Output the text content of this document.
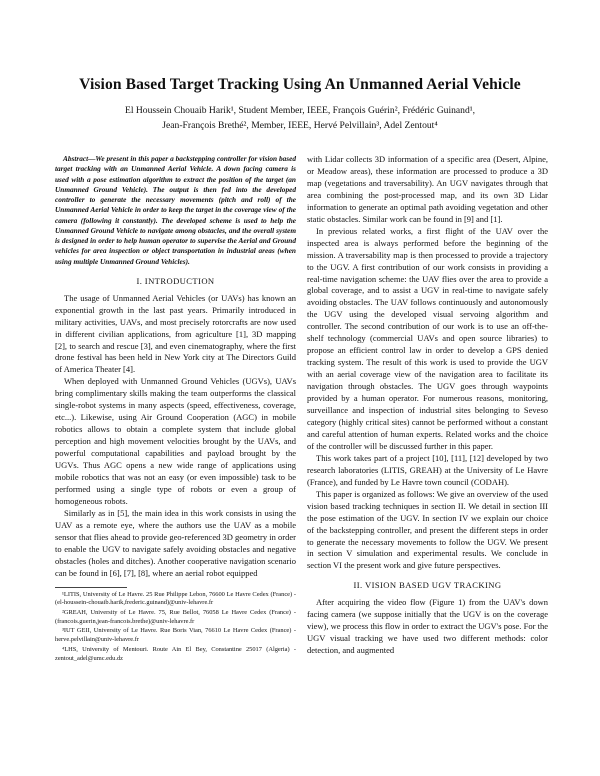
Vision Based Target Tracking Using An Unmanned Aerial Vehicle
El Houssein Chouaib Harik¹, Student Member, IEEE, François Guérin², Frédéric Guinand¹,
Jean-François Brethé², Member, IEEE, Hervé Pelvillain³, Adel Zentout⁴

Abstract—We present in this paper a backstepping controller for vision based target tracking with an Unmanned Aerial Vehicle. A down facing camera is used with a pose estimation algorithm to extract the position of the target (an Unmanned Ground Vehicle). The output is then fed into the developed controller to generate the necessary movements (pitch and roll) of the Unmanned Aerial Vehicle in order to keep the target in the coverage view of the camera (following it constantly). The developed scheme is used to help the Unmanned Ground Vehicle to navigate among obstacles, and the overall system is designed in order to help human operator to supervise the Aerial and Ground vehicles for area inspection or object transportation in industrial areas (when using multiple Unmanned Ground Vehicles).

I. INTRODUCTION

The usage of Unmanned Aerial Vehicles (or UAVs) has known an exponential growth in the last past years. Primarily introduced in military activities, UAVs, and most precisely rotorcrafts are now used in different civilian applications, from agriculture [1], 3D mapping [2], to search and rescue [3], and even cinematography, where the first drone festival has been held in New York city at The Directors Guild of America Theater [4].

When deployed with Unmanned Ground Vehicles (UGVs), UAVs bring complimentary skills making the team outperforms the classical single-robot systems in many aspects (speed, effectiveness, coverage, etc...). Likewise, using Air Ground Cooperation (AGC) in mobile robotics allows to obtain a complete system that include global perception and high movement velocities brought by the UAVs, and powerful computational capabilities and payload brought by the UGVs. Thus AGC opens a new wide range of applications using mobile robotics that was not an easy (or even impossible) task to be performed using a single type of robots or even a group of homogeneous robots.

Similarly as in [5], the main idea in this work consists in using the UAV as a remote eye, where the authors use the UAV as a mobile sensor that flies ahead to provide geo-referenced 3D geometry in order to enable the UGV to navigate safely avoiding obstacles and negative obstacles (holes and ditches). Another cooperative navigation scenario can be found in [6], [7], [8], where an aerial robot equipped

¹LITIS, University of Le Havre. 25 Rue Philippe Lebon, 76600 Le Havre Cedex (France) - (el-houssein-chouaib.harik,frederic.guinand)@univ-lehavre.fr

²GREAH, University of Le Havre. 75, Rue Bellot, 76058 Le Havre Cedex (France) - (francois.guerin,jean-francois.brethe)@univ-lehavre.fr

³IUT GEII, University of Le Havre. Rue Boris Vian, 76610 Le Havre Cedex (France) - herve.pelvillain@univ-lehavre.fr

⁴LHS, University of Mentouri. Route Ain El Bey, Constantine 25017 (Algeria) - zentout_adel@umc.edu.dz

with Lidar collects 3D information of a specific area (Desert, Alpine, or Meadow areas), these information are processed to produce a 3D map (vegetations and traversability). An UGV navigates through that area combining the post-processed map, and its own 3D Lidar information to generate an optimal path avoiding vegetation and other static obstacles. Similar work can be found in [9] and [1].

In previous related works, a first flight of the UAV over the inspected area is always performed before the beginning of the mission. A traversability map is then processed to provide a trajectory to the UGV. A first contribution of our work consists in providing a real-time navigation scheme: the UAV flies over the area to provide a global coverage, and to assist a UGV in real-time to navigate safely avoiding obstacles. The UAV follows continuously and autonomously the UGV using the developed visual servoing algorithm and controller. The second contribution of our work is to use an off-the-shelf technology (commercial UAVs and open source libraries) to propose an efficient control law in order to develop a GPS denied tracking system. The result of this work is used to provide the UGV with an aerial coverage view of the navigation area to facilitate its navigation through obstacles. The UGV goes through waypoints provided by a human operator. For numerous reasons, monitoring, surveillance and inspection of industrial sites belonging to Seveso category (highly critical sites) cannot be performed without a constant and careful attention of human experts. Related works and the choice of the controller will be discussed further in this paper.

This work takes part of a project [10], [11], [12] developed by two research laboratories (LITIS, GREAH) at the University of Le Havre (France), and funded by Le Havre town council (CODAH).

This paper is organized as follows: We give an overview of the used vision based tracking techniques in section II. We detail in section III the pose estimation of the UGV. In section IV we explain our choice of the backstepping controller, and present the different steps in order to generate the necessary movements to follow the UGV. We present in section V simulation and experimental results. We conclude in section VI the present work and give future perspectives.

II. VISION BASED UGV TRACKING

After acquiring the video flow (Figure 1) from the UAV's down facing camera (we suppose initially that the UGV is on the coverage view), we process this flow in order to extract the UGV's pose. For the UGV visual tracking we have used two different methods: color detection, and augmented
